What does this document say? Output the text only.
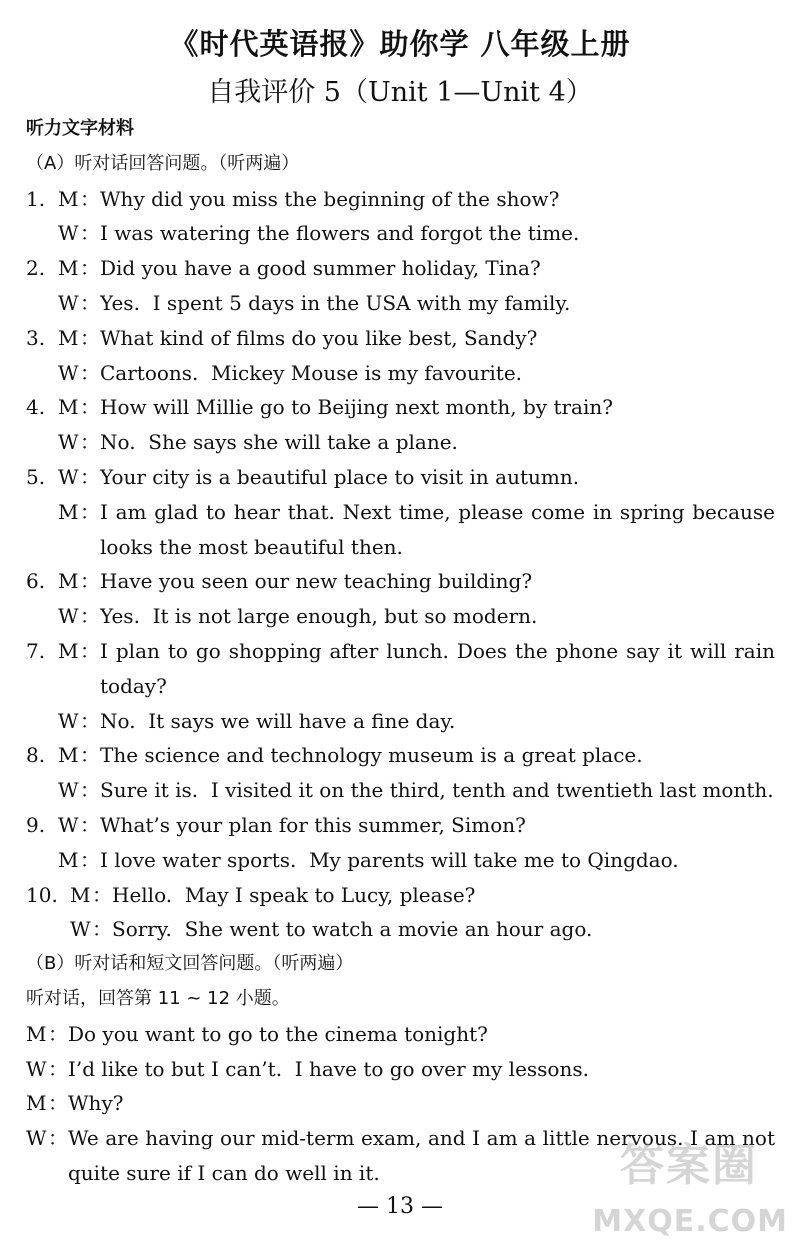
《时代英语报》助你学 八年级上册
自我评价 5（Unit 1—Unit 4）
听力文字材料
（A）听对话回答问题。（听两遍）
1. M ： Why did you miss the beginning of the show?
W ： I was watering the flowers and forgot the time.
2. M ： Did you have a good summer holiday, Tina?
W ： Yes.  I spent 5 days in the USA with my family.
3. M ： What kind of films do you like best, Sandy?
W ： Cartoons.  Mickey Mouse is my favourite.
4. M ： How will Millie go to Beijing next month, by train?
W ： No.  She says she will take a plane.
5. W ： Your city is a beautiful place to visit in autumn.
M ： I am glad to hear that. Next time, please come in spring because
looks the most beautiful then.
6. M ： Have you seen our new teaching building?
W ： Yes.  It is not large enough, but so modern.
7. M ： I plan to go shopping after lunch. Does the phone say it will rain
today?
W ： No.  It says we will have a fine day.
8. M ： The science and technology museum is a great place.
W ： Sure it is.  I visited it on the third, tenth and twentieth last month.
9. W ： What’s your plan for this summer, Simon?
M ： I love water sports.  My parents will take me to Qingdao.
10. M ： Hello.  May I speak to Lucy, please?
W ： Sorry.  She went to watch a movie an hour ago.
（B）听对话和短文回答问题。（听两遍）
听对话，回答第 11 ~ 12 小题。
M ： Do you want to go to the cinema tonight?
W ： I’d like to but I can’t.  I have to go over my lessons.
M ： Why?
W ： We are having our mid-term exam, and I am a little nervous. I am not
quite sure if I can do well in it.
— 13 —
答案圈
MXQE.COM
